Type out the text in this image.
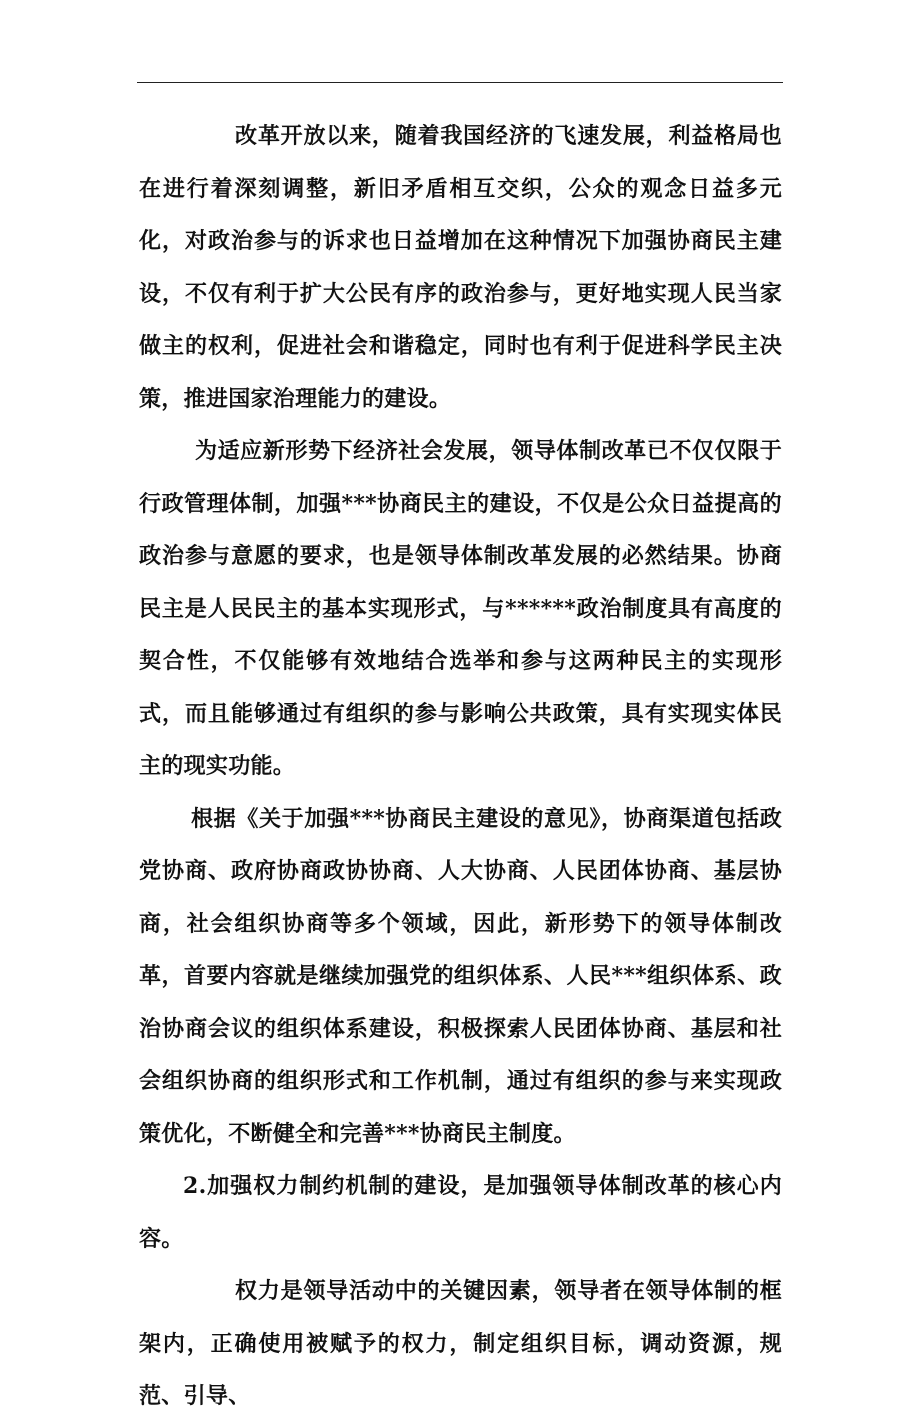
改革开放以来，随着我国经济的飞速发展，利益格局也在进行着深刻调整，新旧矛盾相互交织，公众的观念日益多元化，对政治参与的诉求也日益增加在这种情况下加强协商民主建设，不仅有利于扩大公民有序的政治参与，更好地实现人民当家做主的权利，促进社会和谐稳定，同时也有利于促进科学民主决策，推进国家治理能力的建设。

为适应新形势下经济社会发展，领导体制改革已不仅仅限于行政管理体制，加强***协商民主的建设，不仅是公众日益提高的政治参与意愿的要求，也是领导体制改革发展的必然结果。协商民主是人民民主的基本实现形式，与******政治制度具有高度的契合性，不仅能够有效地结合选举和参与这两种民主的实现形式，而且能够通过有组织的参与影响公共政策，具有实现实体民主的现实功能。

根据《关于加强***协商民主建设的意见》，协商渠道包括政党协商、政府协商政协协商、人大协商、人民团体协商、基层协商，社会组织协商等多个领域，因此，新形势下的领导体制改革，首要内容就是继续加强党的组织体系、人民***组织体系、政治协商会议的组织体系建设，积极探索人民团体协商、基层和社会组织协商的组织形式和工作机制，通过有组织的参与来实现政策优化，不断健全和完善***协商民主制度。

2.加强权力制约机制的建设，是加强领导体制改革的核心内容。

权力是领导活动中的关键因素，领导者在领导体制的框架内，正确使用被赋予的权力，制定组织目标，调动资源，规范、引导、
